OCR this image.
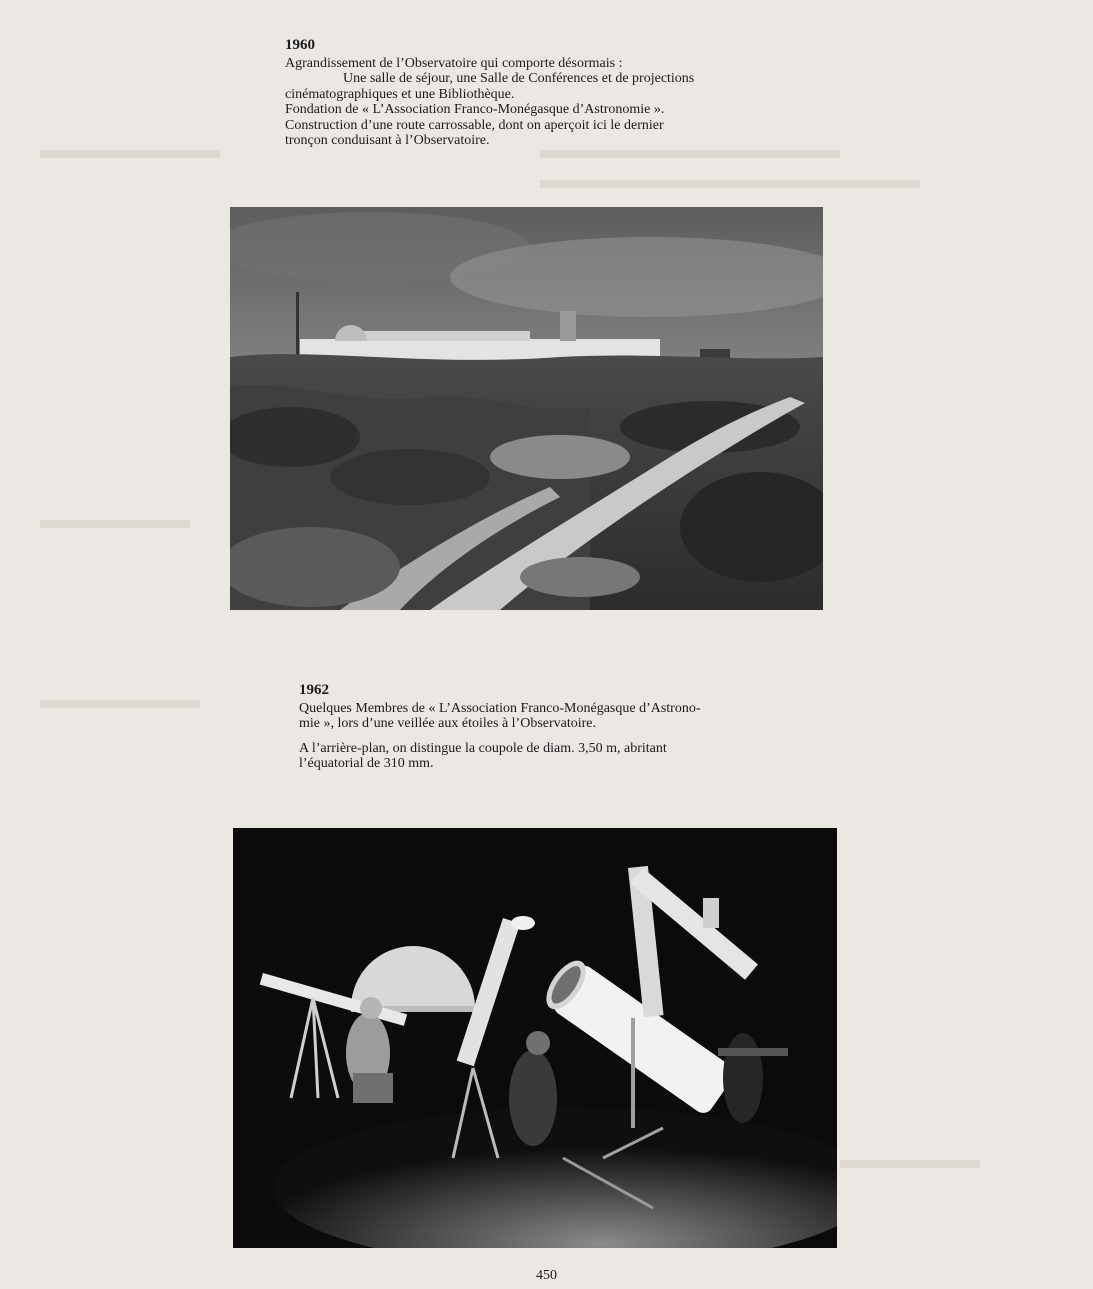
1960
Agrandissement de l’Observatoire qui comporte désormais :
Une salle de séjour, une Salle de Conférences et de projections
cinématographiques et une Bibliothèque.
Fondation de « L’Association Franco-Monégasque d’Astronomie ».
Construction d’une route carrossable, dont on aperçoit ici le dernier
tronçon conduisant à l’Observatoire.
1962
Quelques Membres de « L’Association Franco-Monégasque d’Astrono-
mie », lors d’une veillée aux étoiles à l’Observatoire.
A l’arrière-plan, on distingue la coupole de diam. 3,50 m, abritant
l’équatorial de 310 mm.
450
